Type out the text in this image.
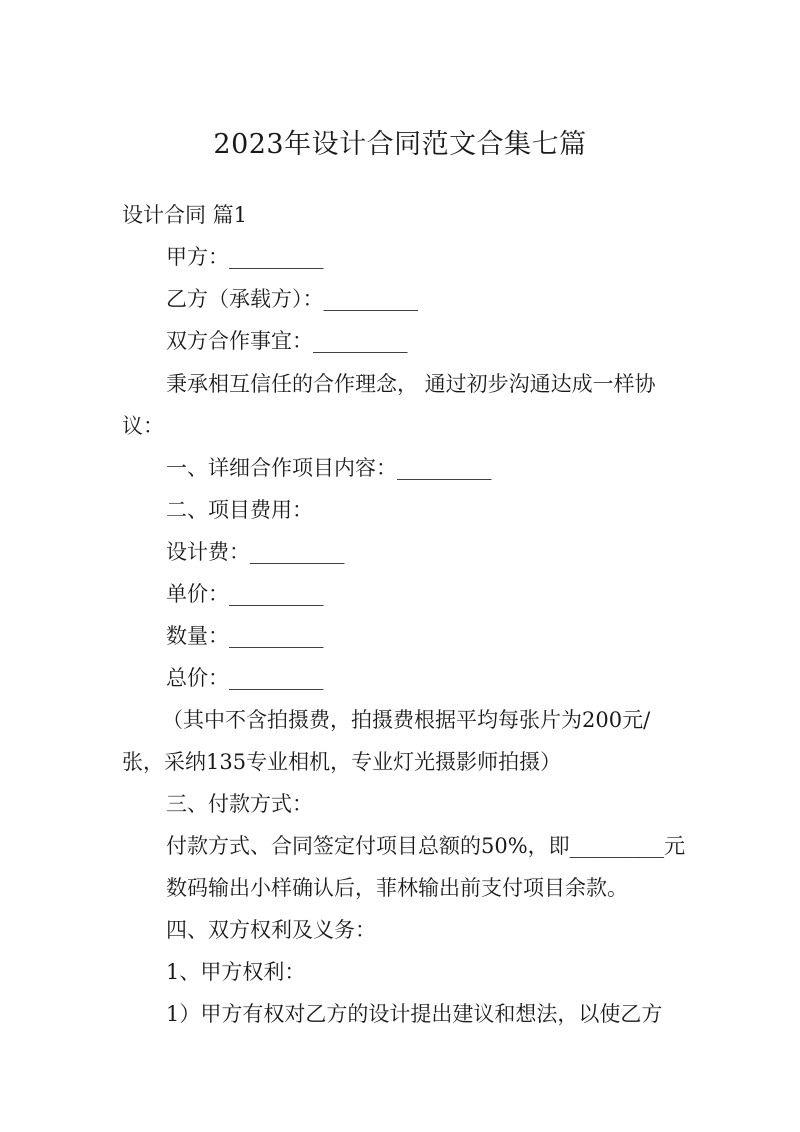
2023年设计合同范文合集七篇
设计合同 篇1
甲方：_________
乙方（承载方）：_________
双方合作事宜：_________
秉承相互信任的合作理念， 通过初步沟通达成一样协
议：
一、详细合作项目内容：_________
二、项目费用：
设计费：_________
单价：_________
数量：_________
总价：_________
（其中不含拍摄费，拍摄费根据平均每张片为200元/
张，采纳135专业相机，专业灯光摄影师拍摄）
三、付款方式：
付款方式、合同签定付项目总额的50%，即_________元
数码输出小样确认后，菲林输出前支付项目余款。
四、双方权利及义务：
1、甲方权利：
1）甲方有权对乙方的设计提出建议和想法，以使乙方
